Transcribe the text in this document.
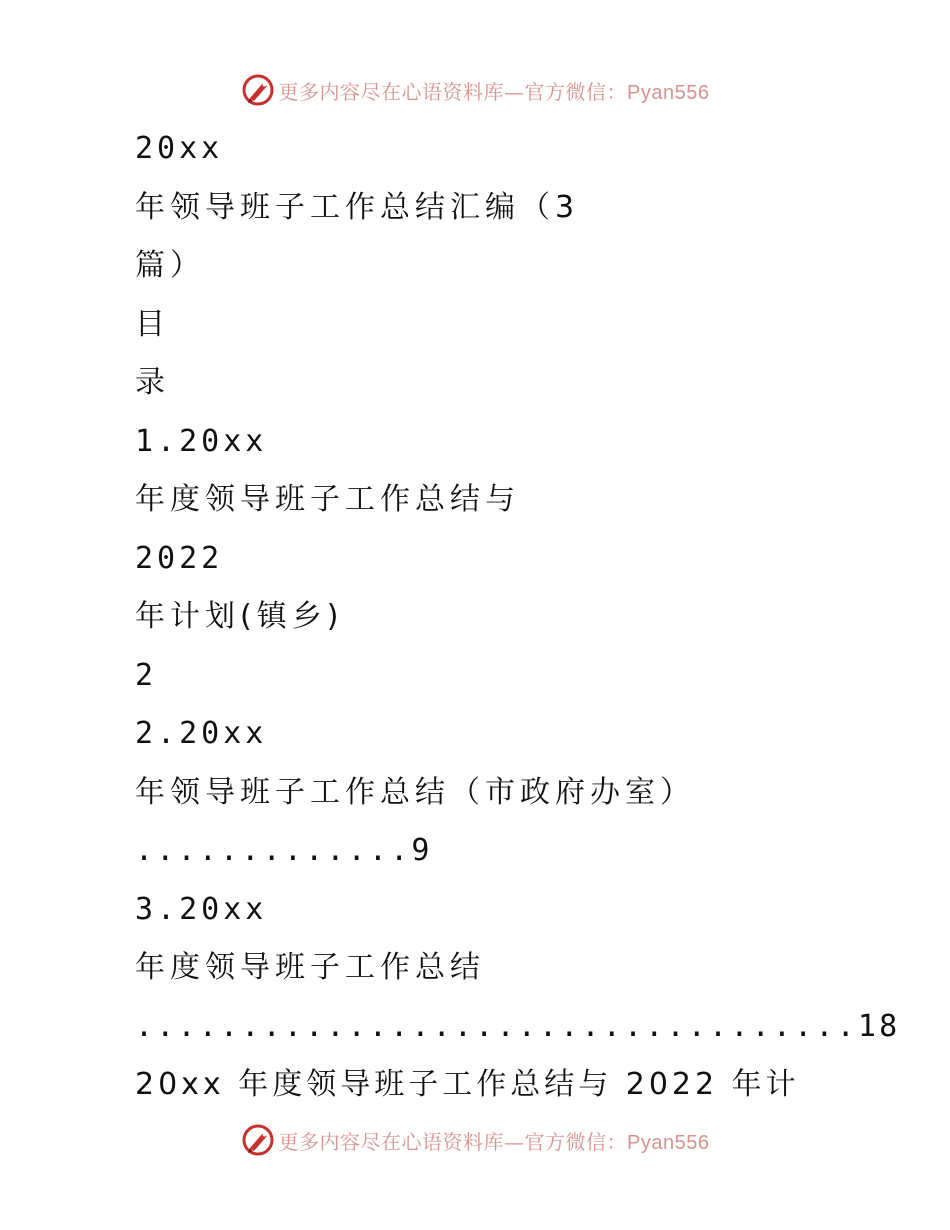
更多内容尽在心语资料库—官方微信：Pyan556
20xx
年领导班子工作总结汇编（3
篇）
目
录
1.20xx
年度领导班子工作总结与
2022
年计划(镇乡)
2
2.20xx
年领导班子工作总结（市政府办室）
.............9
3.20xx
年度领导班子工作总结
..................................18
20xx 年度领导班子工作总结与 2022 年计
更多内容尽在心语资料库—官方微信：Pyan556
